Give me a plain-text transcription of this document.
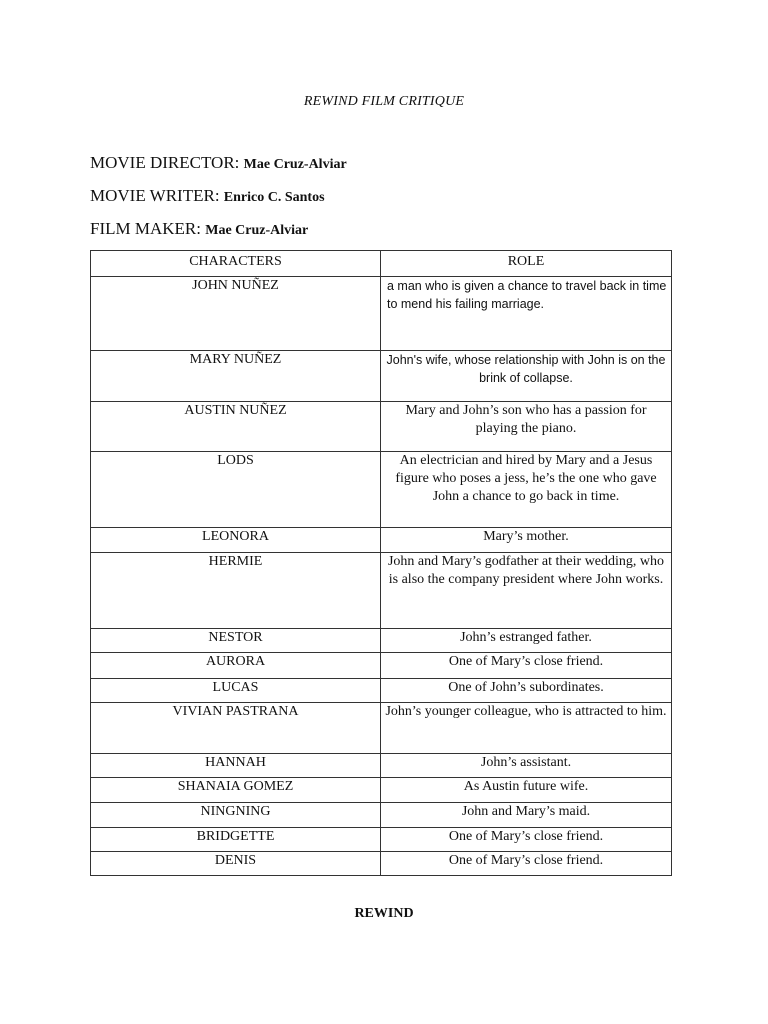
REWIND FILM CRITIQUE
MOVIE DIRECTOR: Mae Cruz-Alviar
MOVIE WRITER: Enrico C. Santos
FILM MAKER: Mae Cruz-Alviar
CHARACTERS	ROLE
JOHN NUÑEZ	a man who is given a chance to travel back in time to mend his failing marriage.
MARY NUÑEZ	John's wife, whose relationship with John is on the brink of collapse.
AUSTIN NUÑEZ	Mary and John’s son who has a passion for playing the piano.
LODS	An electrician and hired by Mary and a Jesus figure who poses a jess, he’s the one who gave John a chance to go back in time.
LEONORA	Mary’s mother.
HERMIE	John and Mary’s godfather at their wedding, who is also the company president where John works.
NESTOR	John’s estranged father.
AURORA	One of Mary’s close friend.
LUCAS	One of John’s subordinates.
VIVIAN PASTRANA	John’s younger colleague, who is attracted to him.
HANNAH	John’s assistant.
SHANAIA GOMEZ	As Austin future wife.
NINGNING	John and Mary’s maid.
BRIDGETTE	One of Mary’s close friend.
DENIS	One of Mary’s close friend.
REWIND
